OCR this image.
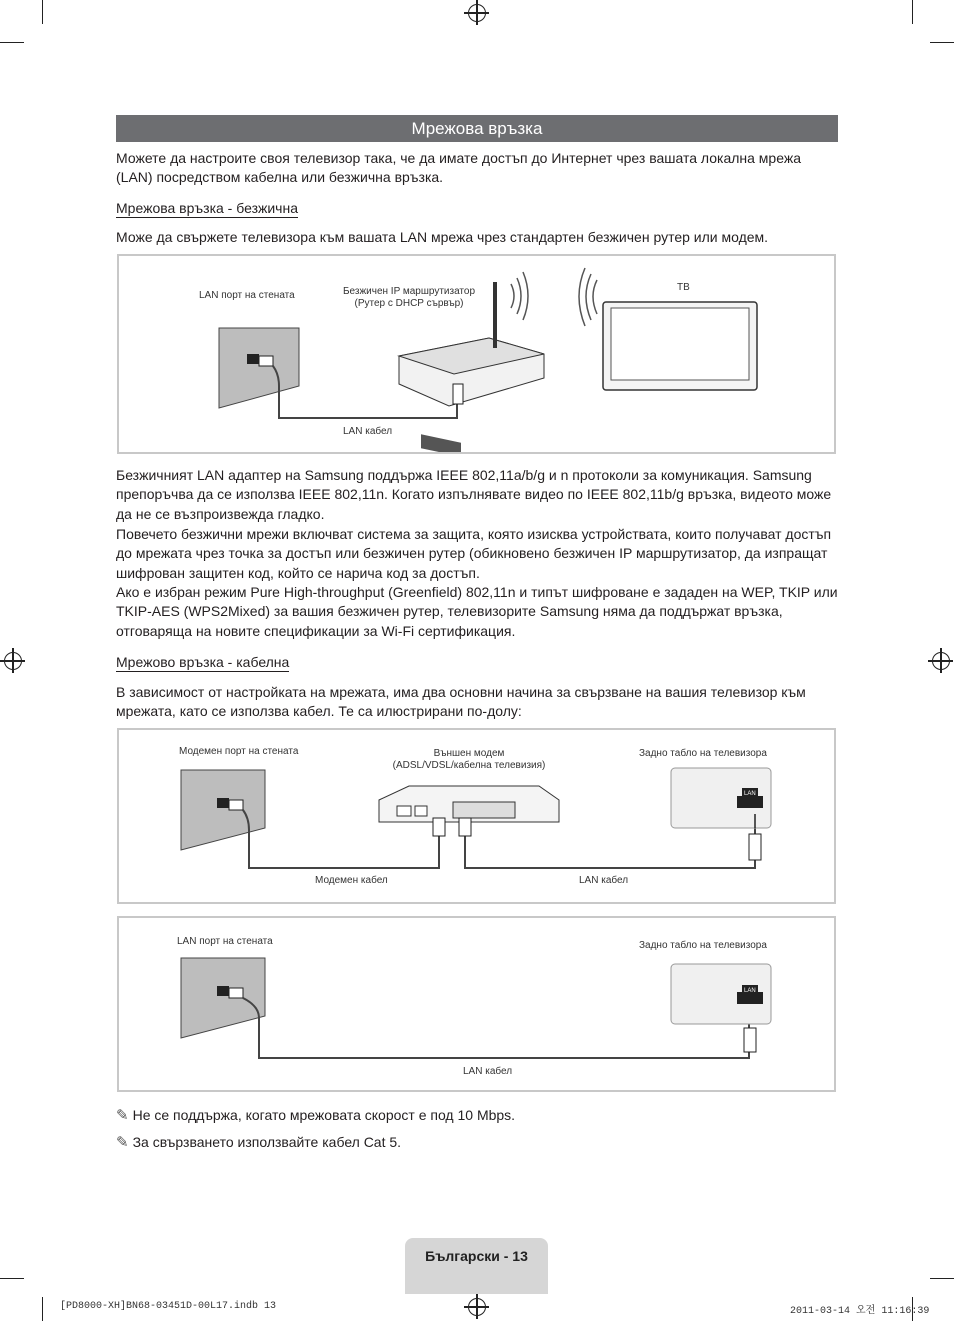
Мрежова връзка
Можете да настроите своя телевизор така, че да имате достъп до Интернет чрез вашата локална мрежа (LAN) посредством кабелна или безжична връзка.
Мрежова връзка - безжична
Може да свържете телевизора към вашата LAN мрежа чрез стандартен безжичен рутер или модем.
LAN порт на стената	Безжичен IP маршрутизатор
(Рутер с DHCP сървър)
ТВ
LAN кабел
Безжичният LAN адаптер на Samsung поддържа IEEE 802,11a/b/g и n протоколи за комуникация. Samsung препоръчва да се използва IEEE 802,11n. Когато изпълнявате видео по IEEE 802,11b/g връзка, видеото може да не се възпроизвежда гладко.
Повечето безжични мрежи включват система за защита, която изисква устройствата, които получават достъп до мрежата чрез точка за достъп или безжичен рутер (обикновено безжичен IP маршрутизатор, да изпращат шифрован защитен код, който се нарича код за достъп.
Ако е избран режим Pure High-throughput (Greenfield) 802,11n и типът шифроване е зададен на WEP, TKIP или TKIP-AES (WPS2Mixed) за вашия безжичен рутер, телевизорите Samsung няма да поддържат връзка, отговаряща на новите спецификации за Wi-Fi сертификация.
Мрежово връзка - кабелна
В зависимост от настройката на мрежата, има два основни начина за свързване на вашия телевизор към мрежата, като се използва кабел. Те са илюстрирани по-долу:
Модемен порт на стената	Външен модем
(ADSL/VDSL/кабелна телевизия)
Задно табло на телевизора
LAN
Модемен кабел	LAN кабел
LAN порт на стената	Задно табло на телевизора
LAN
LAN кабел
✎ Не се поддържа, когато мрежовата скорост е под 10 Mbps.
✎ За свързването използвайте кабел Cat 5.
Български - 13
[PD8000-XH]BN68-03451D-00L17.indb 13	2011-03-14 오전 11:16:39
